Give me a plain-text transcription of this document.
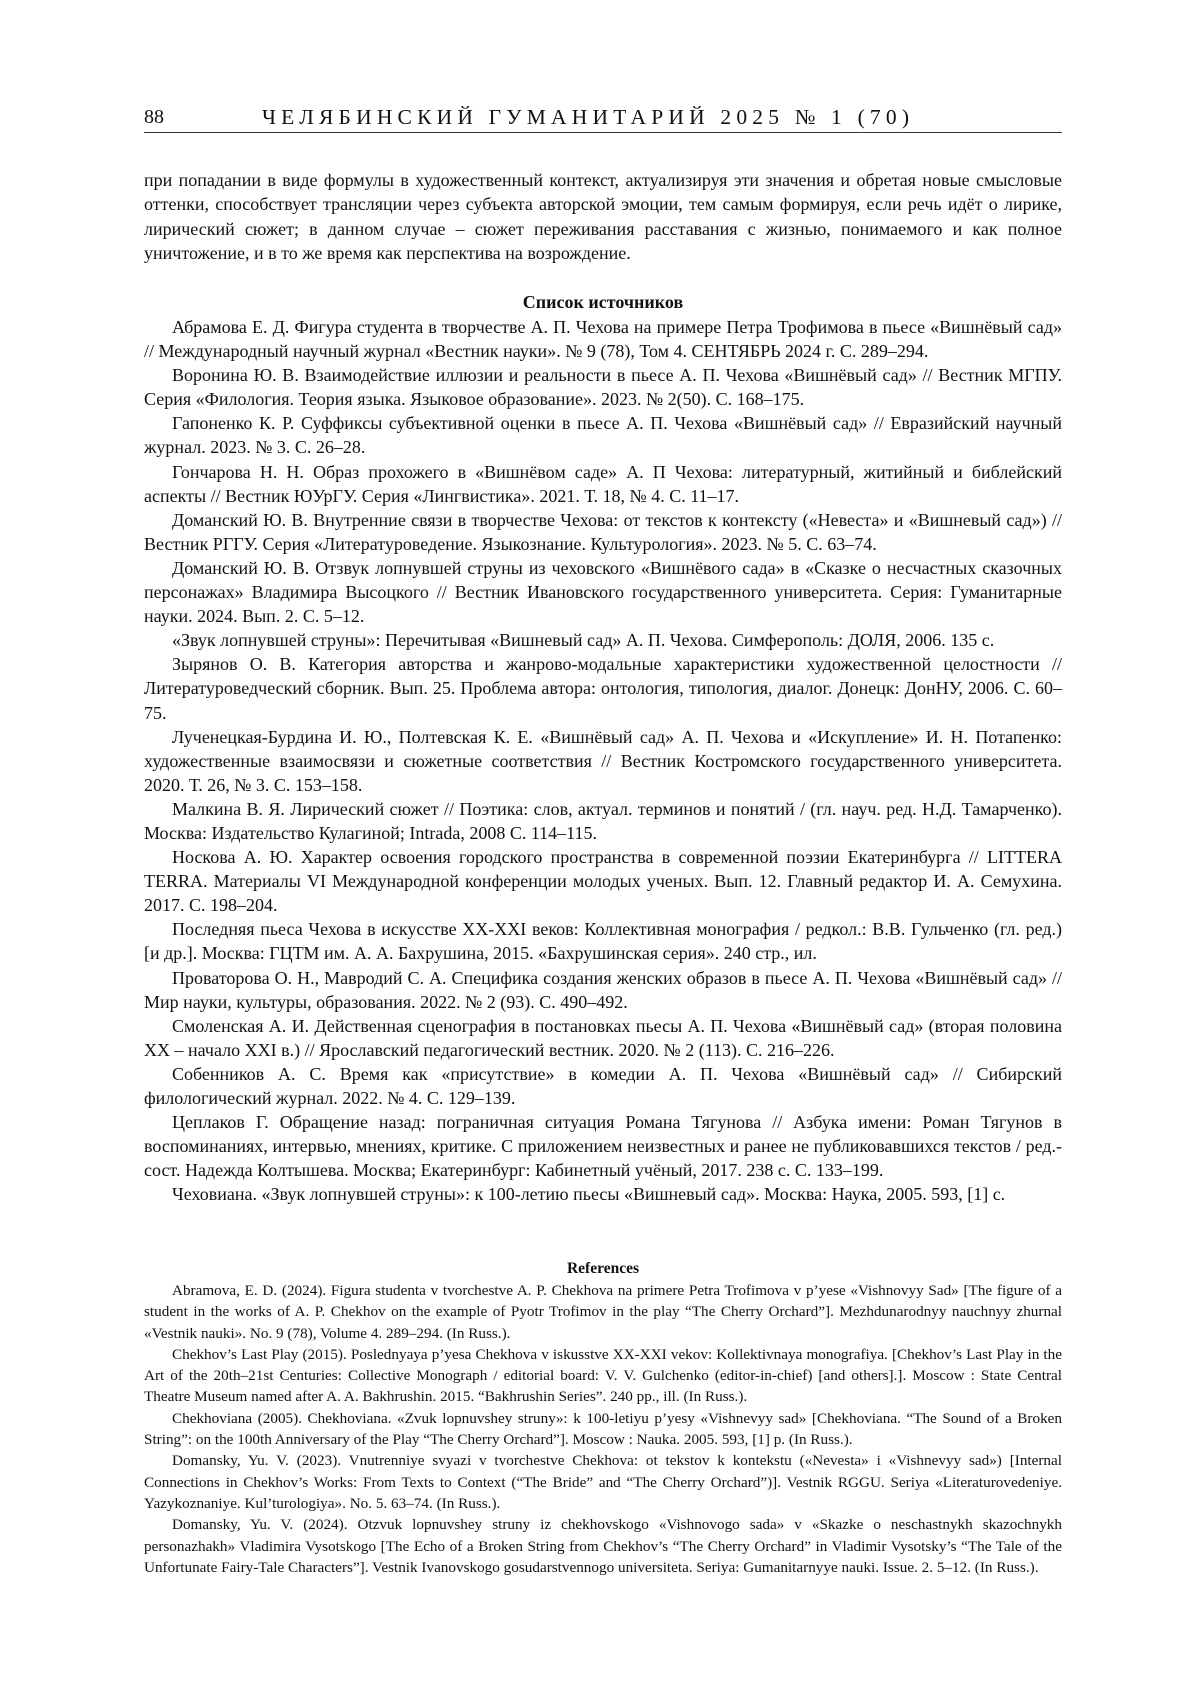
88	ЧЕЛЯБИНСКИЙ ГУМАНИТАРИЙ 2025 № 1 (70)

при попадании в виде формулы в художественный контекст, актуализируя эти значения и обретая новые смысловые оттенки, способствует трансляции через субъекта авторской эмоции, тем самым формируя, если речь идёт о лирике, лирический сюжет; в данном случае – сюжет переживания расставания с жизнью, понимаемого и как полное уничтожение, и в то же время как перспектива на возрождение.

Список источников
Абрамова Е. Д. Фигура студента в творчестве А. П. Чехова на примере Петра Трофимова в пьесе «Вишнёвый сад» // Международный научный журнал «Вестник науки». № 9 (78), Том 4. СЕНТЯБРЬ 2024 г. С. 289–294.
Воронина Ю. В. Взаимодействие иллюзии и реальности в пьесе А. П. Чехова «Вишнёвый сад» // Вестник МГПУ. Серия «Филология. Теория языка. Языковое образование». 2023. № 2(50). С. 168–175.
Гапоненко К. Р. Суффиксы субъективной оценки в пьесе А. П. Чехова «Вишнёвый сад» // Евразийский научный журнал. 2023. № 3. С. 26–28.
Гончарова Н. Н. Образ прохожего в «Вишнёвом саде» А. П Чехова: литературный, житийный и библейский аспекты // Вестник ЮУрГУ. Серия «Лингвистика». 2021. Т. 18, № 4. С. 11–17.
Доманский Ю. В. Внутренние связи в творчестве Чехова: от текстов к контексту («Невеста» и «Вишневый сад») // Вестник РГГУ. Серия «Литературоведение. Языкознание. Культурология». 2023. № 5. С. 63–74.
Доманский Ю. В. Отзвук лопнувшей струны из чеховского «Вишнёвого сада» в «Сказке о несчастных сказочных персонажах» Владимира Высоцкого // Вестник Ивановского государственного университета. Серия: Гуманитарные науки. 2024. Вып. 2. С. 5–12.
«Звук лопнувшей струны»: Перечитывая «Вишневый сад» А. П. Чехова. Симферополь: ДОЛЯ, 2006. 135 с.
Зырянов О. В. Категория авторства и жанрово-модальные характеристики художественной целостности // Литературоведческий сборник. Вып. 25. Проблема автора: онтология, типология, диалог. Донецк: ДонНУ, 2006. С. 60–75.
Лученецкая-Бурдина И. Ю., Полтевская К. Е. «Вишнёвый сад» А. П. Чехова и «Искупление» И. Н. Потапенко: художественные взаимосвязи и сюжетные соответствия // Вестник Костромского государственного университета. 2020. Т. 26, № 3. С. 153–158.
Малкина В. Я. Лирический сюжет // Поэтика: слов, актуал. терминов и понятий / (гл. науч. ред. Н.Д. Тамарченко). Москва: Издательство Кулагиной; Intrada, 2008 С. 114–115.
Носкова А. Ю. Характер освоения городского пространства в современной поэзии Екатеринбурга // LITTERA TERRA. Материалы VI Международной конференции молодых ученых. Вып. 12. Главный редактор И. А. Семухина. 2017. С. 198–204.
Последняя пьеса Чехова в искусстве XX-XXI веков: Коллективная монография / редкол.: В.В. Гульченко (гл. ред.) [и др.]. Москва: ГЦТМ им. А. А. Бахрушина, 2015. «Бахрушинская серия». 240 стр., ил.
Проваторова О. Н., Мавродий С. А. Специфика создания женских образов в пьесе А. П. Чехова «Вишнёвый сад» // Мир науки, культуры, образования. 2022. № 2 (93). С. 490–492.
Смоленская А. И. Действенная сценография в постановках пьесы А. П. Чехова «Вишнёвый сад» (вторая половина XX – начало XXI в.) // Ярославский педагогический вестник. 2020. № 2 (113). С. 216–226.
Собенников А. С. Время как «присутствие» в комедии А. П. Чехова «Вишнёвый сад» // Сибирский филологический журнал. 2022. № 4. С. 129–139.
Цеплаков Г. Обращение назад: пограничная ситуация Романа Тягунова // Азбука имени: Роман Тягунов в воспоминаниях, интервью, мнениях, критике. С приложением неизвестных и ранее не публиковавшихся текстов / ред.-сост. Надежда Колтышева. Москва; Екатеринбург: Кабинетный учёный, 2017. 238 с. С. 133–199.
Чеховиана. «Звук лопнувшей струны»: к 100-летию пьесы «Вишневый сад». Москва: Наука, 2005. 593, [1] с.
References
Abramova, E. D. (2024). Figura studenta v tvorchestve A. P. Chekhova na primere Petra Trofimova v p’yese «Vishnovyy Sad» [The figure of a student in the works of A. P. Chekhov on the example of Pyotr Trofimov in the play “The Cherry Orchard”]. Mezhdunarodnyy nauchnyy zhurnal «Vestnik nauki». No. 9 (78), Volume 4. 289–294. (In Russ.).
Chekhov’s Last Play (2015). Poslednyaya p’yesa Chekhova v iskusstve XX-XXI vekov: Kollektivnaya monografiya. [Chekhov’s Last Play in the Art of the 20th–21st Centuries: Collective Monograph / editorial board: V. V. Gulchenko (editor-in-chief) [and others].]. Moscow : State Central Theatre Museum named after A. A. Bakhrushin. 2015. “Bakhrushin Series”. 240 pp., ill. (In Russ.).
Chekhoviana (2005). Chekhoviana. «Zvuk lopnuvshey struny»: k 100-letiyu p’yesy «Vishnevyy sad» [Chekhoviana. “The Sound of a Broken String”: on the 100th Anniversary of the Play “The Cherry Orchard”]. Moscow : Nauka. 2005. 593, [1] p. (In Russ.).
Domansky, Yu. V. (2023). Vnutrenniye svyazi v tvorchestve Chekhova: ot tekstov k kontekstu («Nevesta» i «Vishnevyy sad») [Internal Connections in Chekhov’s Works: From Texts to Context (“The Bride” and “The Cherry Orchard”)]. Vestnik RGGU. Seriya «Literaturovedeniye. Yazykoznaniye. Kul’turologiya». No. 5. 63–74. (In Russ.).
Domansky, Yu. V. (2024). Otzvuk lopnuvshey struny iz chekhovskogo «Vishnovogo sada» v «Skazke o neschastnykh skazochnykh personazhakh» Vladimira Vysotskogo [The Echo of a Broken String from Chekhov’s “The Cherry Orchard” in Vladimir Vysotsky’s “The Tale of the Unfortunate Fairy-Tale Characters”]. Vestnik Ivanovskogo gosudarstvennogo universiteta. Seriya: Gumanitarnyye nauki. Issue. 2. 5–12. (In Russ.).
